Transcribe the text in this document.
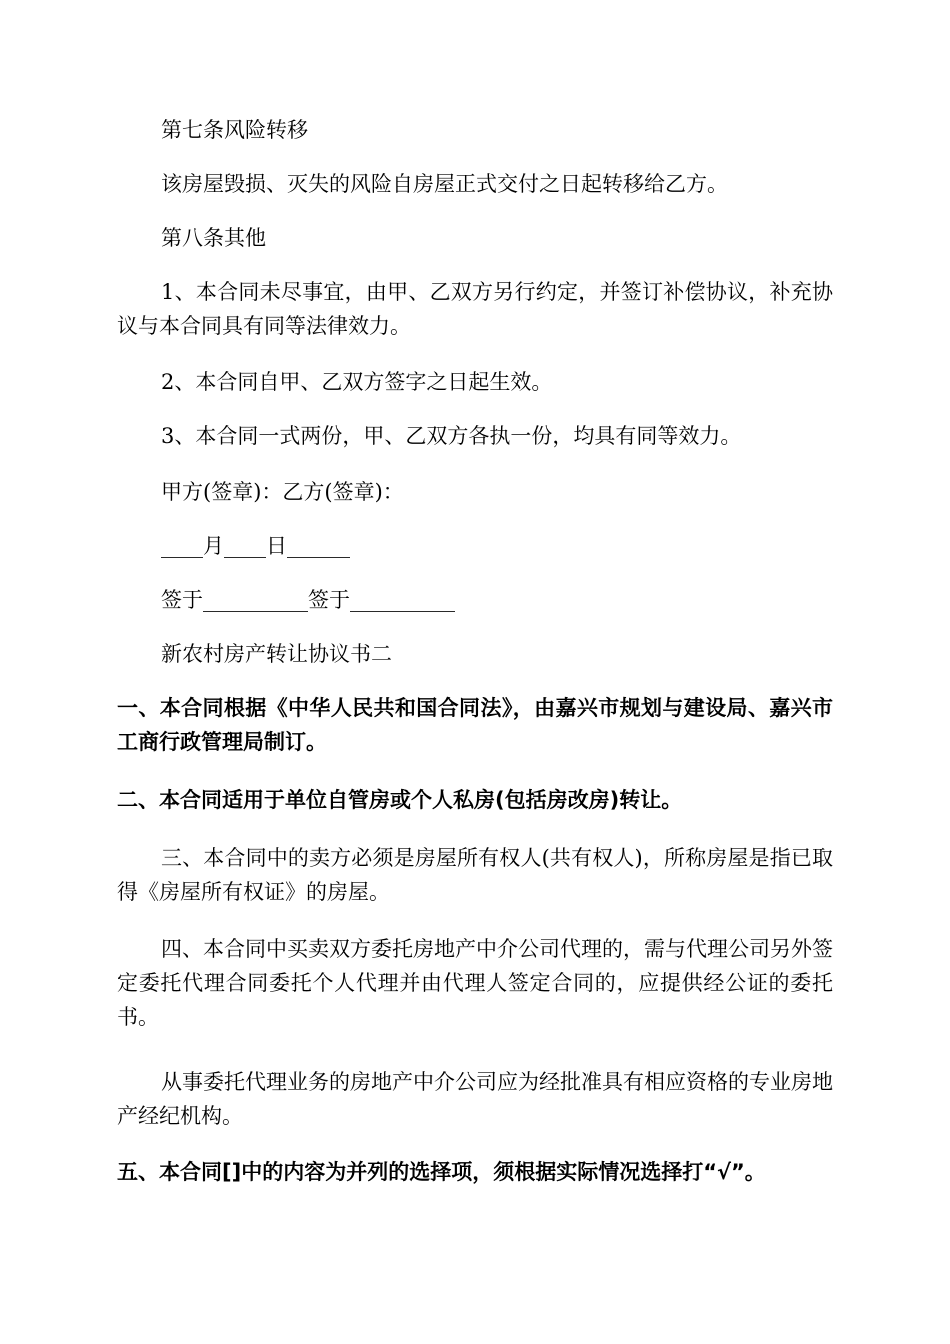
第七条风险转移

该房屋毁损、灭失的风险自房屋正式交付之日起转移给乙方。

第八条其他

1、本合同未尽事宜，由甲、乙双方另行约定，并签订补偿协议，补充协议与本合同具有同等法律效力。

2、本合同自甲、乙双方签字之日起生效。

3、本合同一式两份，甲、乙双方各执一份，均具有同等效力。

甲方(签章)：乙方(签章)：

____月____日______

签于__________签于__________

新农村房产转让协议书二

一、本合同根据《中华人民共和国合同法》，由嘉兴市规划与建设局、嘉兴市工商行政管理局制订。

二、本合同适用于单位自管房或个人私房(包括房改房)转让。

三、本合同中的卖方必须是房屋所有权人(共有权人)，所称房屋是指已取得《房屋所有权证》的房屋。

四、本合同中买卖双方委托房地产中介公司代理的，需与代理公司另外签定委托代理合同委托个人代理并由代理人签定合同的，应提供经公证的委托书。

从事委托代理业务的房地产中介公司应为经批准具有相应资格的专业房地产经纪机构。

五、本合同[]中的内容为并列的选择项，须根据实际情况选择打“√”。
